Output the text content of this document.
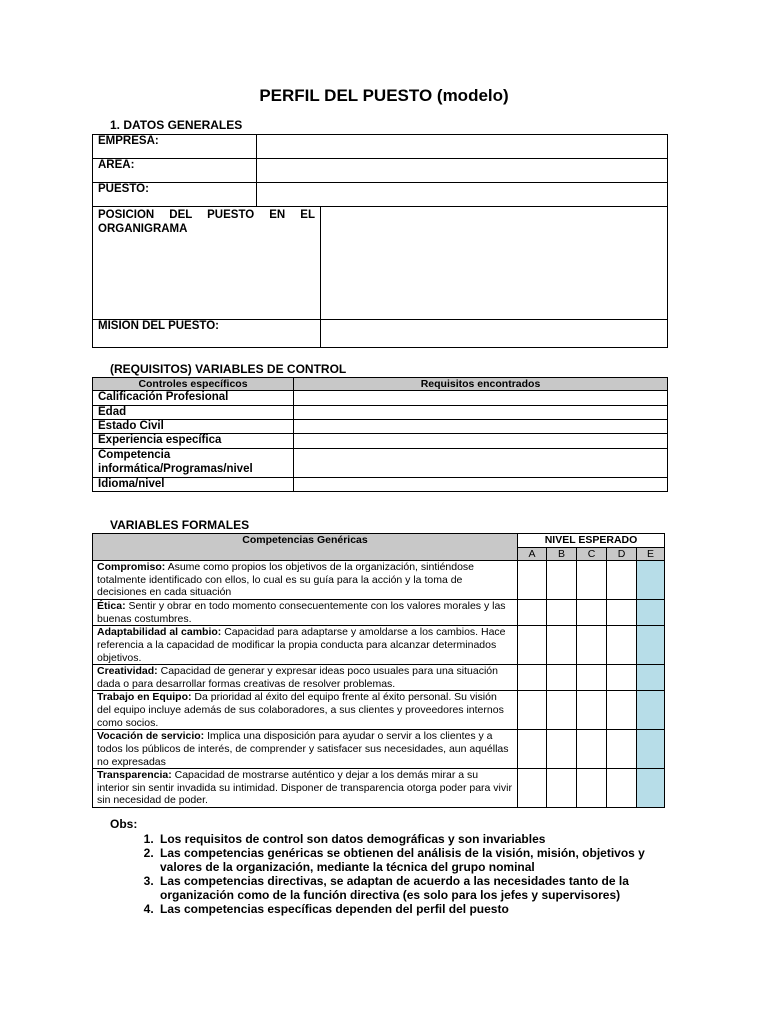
PERFIL DEL PUESTO (modelo)
1. DATOS GENERALES
EMPRESA:		
AREA:		
PUESTO:		
POSICION DEL PUESTO EN EL ORGANIGRAMA		
MISION DEL PUESTO:		
(REQUISITOS) VARIABLES DE CONTROL
Controles específicos	Requisitos encontrados
Calificación Profesional	
Edad	
Estado Civil	
Experiencia específica	
Competencia informática/Programas/nivel	
Idioma/nivel	
VARIABLES FORMALES
Competencias Genéricas	NIVEL ESPERADO				
	A	B	C	D	E
Compromiso: Asume como propios los objetivos de la organización, sintiéndose totalmente identificado con ellos, lo cual es su guía para la acción y la toma de decisiones en cada situación					
Ética: Sentir y obrar en todo momento consecuentemente con los valores morales y las buenas costumbres.					
Adaptabilidad al cambio: Capacidad para adaptarse y amoldarse a los cambios. Hace referencia a la capacidad de modificar la propia conducta para alcanzar determinados objetivos.					
Creatividad: Capacidad de generar y expresar ideas poco usuales para una situación dada o para desarrollar formas creativas de resolver problemas.					
Trabajo en Equipo: Da prioridad al éxito del equipo frente al éxito personal. Su visión del equipo incluye además de sus colaboradores, a sus clientes y proveedores internos como socios.					
Vocación de servicio: Implica una disposición para ayudar o servir a los clientes y a todos los públicos de interés, de comprender y satisfacer sus necesidades, aun aquéllas no expresadas					
Transparencia: Capacidad de mostrarse auténtico y dejar a los demás mirar a su interior sin sentir invadida su intimidad. Disponer de transparencia otorga poder para vivir sin necesidad de poder.					
Obs:
1. Los requisitos de control son datos demográficas y son invariables
2. Las competencias genéricas se obtienen del análisis de la visión, misión, objetivos y valores de la organización, mediante la técnica del grupo nominal
3. Las competencias directivas, se adaptan de acuerdo a las necesidades tanto de la organización como de la función directiva (es solo para los jefes y supervisores)
4. Las competencias específicas dependen del perfil del puesto
